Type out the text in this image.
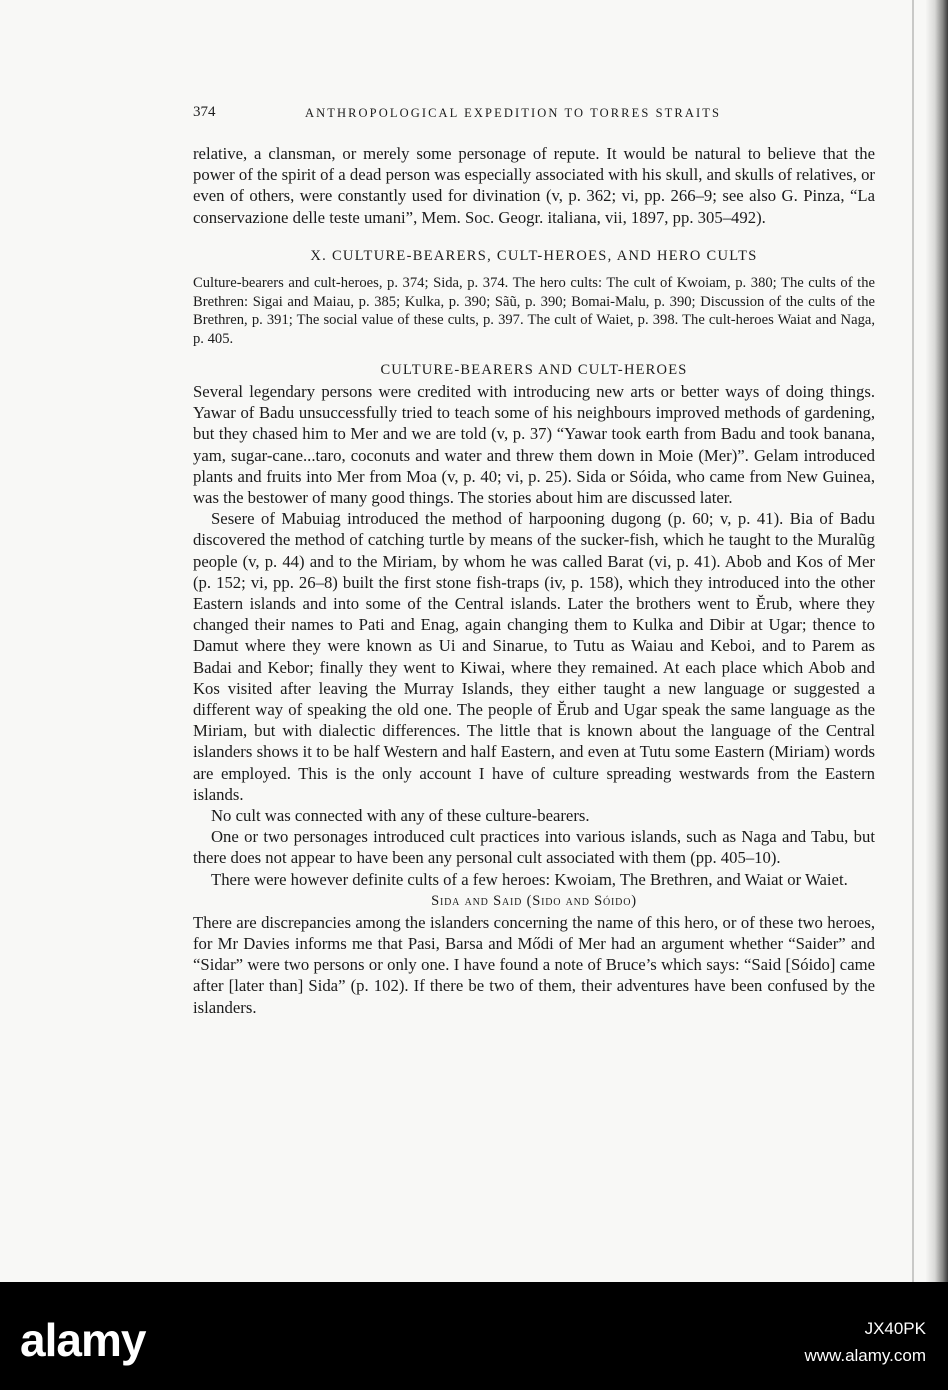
374	ANTHROPOLOGICAL EXPEDITION TO TORRES STRAITS

relative, a clansman, or merely some personage of repute. It would be natural to believe that the power of the spirit of a dead person was especially associated with his skull, and skulls of relatives, or even of others, were constantly used for divination (v, p. 362; vi, pp. 266–9; see also G. Pinza, “La conservazione delle teste umani”, Mem. Soc. Geogr. italiana, vii, 1897, pp. 305–492).

X. CULTURE-BEARERS, CULT-HEROES, AND HERO CULTS

Culture-bearers and cult-heroes, p. 374; Sida, p. 374. The hero cults: The cult of Kwoiam, p. 380; The cults of the Brethren: Sigai and Maiau, p. 385; Kulka, p. 390; Sãũ, p. 390; Bomai-Malu, p. 390; Discussion of the cults of the Brethren, p. 391; The social value of these cults, p. 397. The cult of Waiet, p. 398. The cult-heroes Waiat and Naga, p. 405.

CULTURE-BEARERS AND CULT-HEROES

Several legendary persons were credited with introducing new arts or better ways of doing things. Yawar of Badu unsuccessfully tried to teach some of his neighbours improved methods of gardening, but they chased him to Mer and we are told (v, p. 37) “Yawar took earth from Badu and took banana, yam, sugar-cane...taro, coconuts and water and threw them down in Moie (Mer)”. Gelam introduced plants and fruits into Mer from Moa (v, p. 40; vi, p. 25). Sida or Sóida, who came from New Guinea, was the bestower of many good things. The stories about him are discussed later.

Sesere of Mabuiag introduced the method of harpooning dugong (p. 60; v, p. 41). Bia of Badu discovered the method of catching turtle by means of the sucker-fish, which he taught to the Muralũg people (v, p. 44) and to the Miriam, by whom he was called Barat (vi, p. 41). Abob and Kos of Mer (p. 152; vi, pp. 26–8) built the first stone fish-traps (iv, p. 158), which they introduced into the other Eastern islands and into some of the Central islands. Later the brothers went to Ĕrub, where they changed their names to Pati and Enag, again changing them to Kulka and Dibir at Ugar; thence to Damut where they were known as Ui and Sinarue, to Tutu as Waiau and Keboi, and to Parem as Badai and Kebor; finally they went to Kiwai, where they remained. At each place which Abob and Kos visited after leaving the Murray Islands, they either taught a new language or suggested a different way of speaking the old one. The people of Ĕrub and Ugar speak the same language as the Miriam, but with dialectic differences. The little that is known about the language of the Central islanders shows it to be half Western and half Eastern, and even at Tutu some Eastern (Miriam) words are employed. This is the only account I have of culture spreading westwards from the Eastern islands.

No cult was connected with any of these culture-bearers.

One or two personages introduced cult practices into various islands, such as Naga and Tabu, but there does not appear to have been any personal cult associated with them (pp. 405–10).

There were however definite cults of a few heroes: Kwoiam, The Brethren, and Waiat or Waiet.

Sida and Said (Sido and Sóido)

There are discrepancies among the islanders concerning the name of this hero, or of these two heroes, for Mr Davies informs me that Pasi, Barsa and Mődi of Mer had an argument whether “Saider” and “Sidar” were two persons or only one. I have found a note of Bruce’s which says: “Said [Sóido] came after [later than] Sida” (p. 102). If there be two of them, their adventures have been confused by the islanders.

alamy	JX40PK
www.alamy.com
